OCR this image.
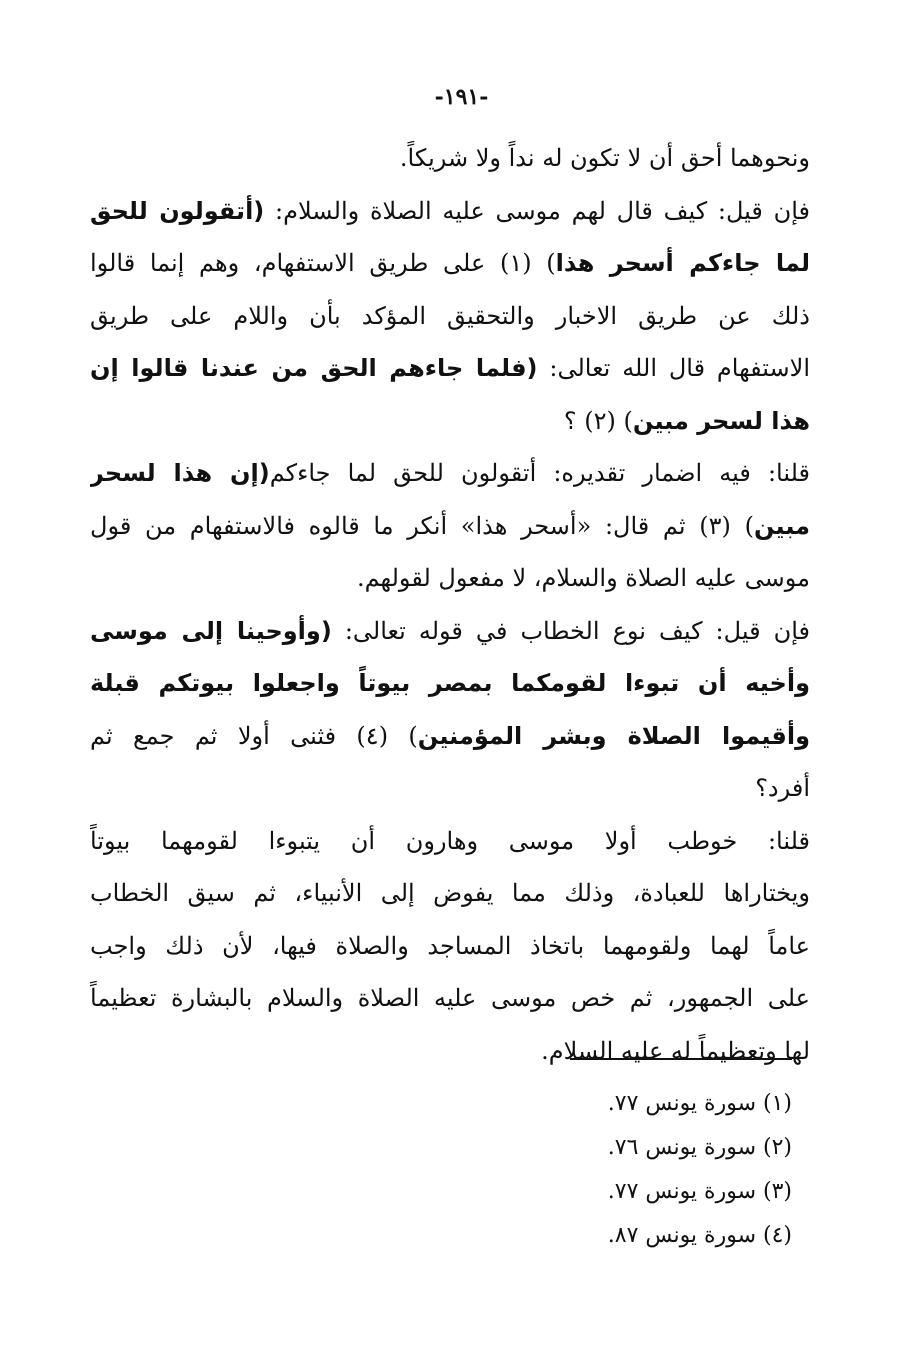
-١٩١-
ونحوهما أحق أن لا تكون له نداً ولا شريكاً.
فإن قيل: كيف قال لهم موسى عليه الصلاة والسلام: (أتقولون للحق
لما جاءكم أسحر هذا) (١) على طريق الاستفهام، وهم إنما قالوا
ذلك عن طريق الاخبار والتحقيق المؤكد بأن واللام على طريق
الاستفهام قال الله تعالى: (فلما جاءهم الحق من عندنا قالوا إن
هذا لسحر مبين) (٢) ؟
قلنا: فيه اضمار تقديره: أتقولون للحق لما جاءكم(إن هذا لسحر
مبين) (٣) ثم قال: «أسحر هذا» أنكر ما قالوه فالاستفهام من قول
موسى عليه الصلاة والسلام، لا مفعول لقولهم.
فإن قيل: كيف نوع الخطاب في قوله تعالى: (وأوحينا إلى موسى
وأخيه أن تبوءا لقومكما بمصر بيوتاً واجعلوا بيوتكم قبلة
وأقيموا الصلاة وبشر المؤمنين) (٤) فثنى أولا ثم جمع ثم
أفرد؟
قلنا: خوطب أولا موسى وهارون أن يتبوءا لقومهما بيوتاً
ويختاراها للعبادة، وذلك مما يفوض إلى الأنبياء، ثم سيق الخطاب
عاماً لهما ولقومهما باتخاذ المساجد والصلاة فيها، لأن ذلك واجب
على الجمهور، ثم خص موسى عليه الصلاة والسلام بالبشارة تعظيماً
لها وتعظيماً له عليه السلام.
(١) سورة يونس ٧٧.
(٢) سورة يونس ٧٦.
(٣) سورة يونس ٧٧.
(٤) سورة يونس ٨٧.
